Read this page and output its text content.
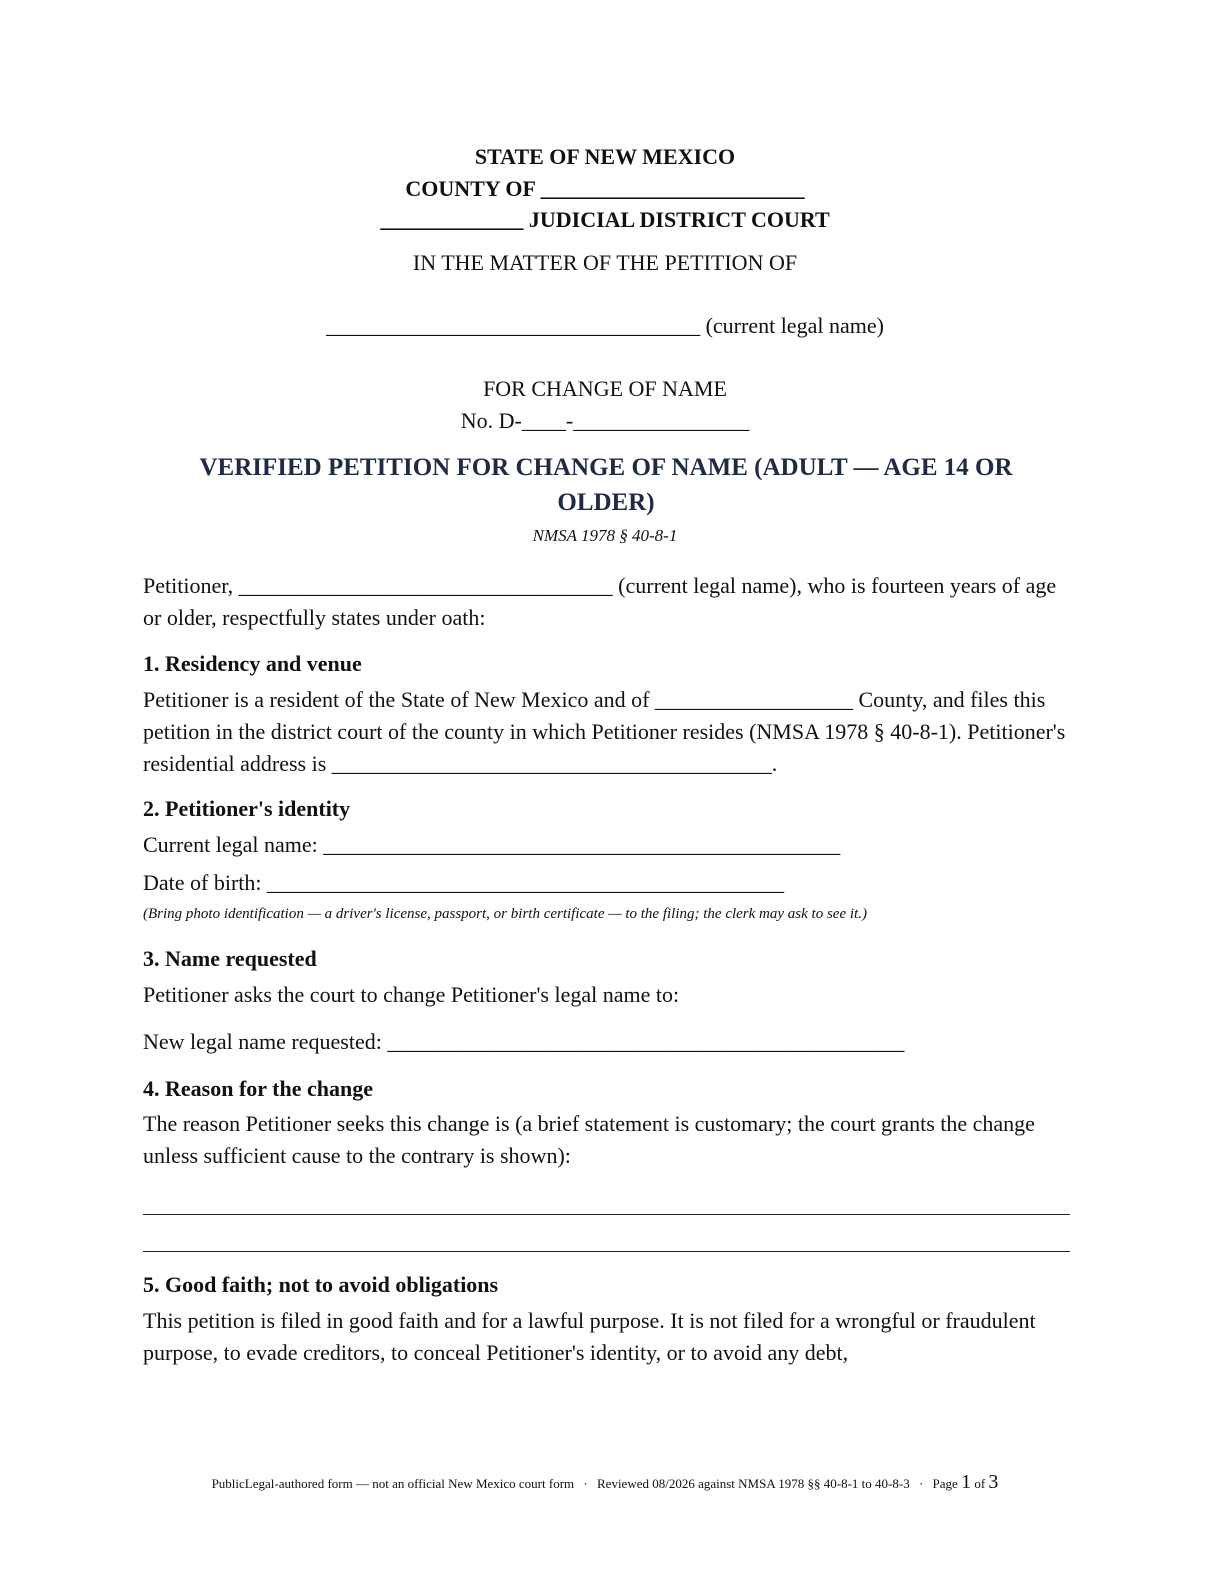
STATE OF NEW MEXICO
COUNTY OF ________________________
_____________ JUDICIAL DISTRICT COURT
IN THE MATTER OF THE PETITION OF
__________________________________ (current legal name)
FOR CHANGE OF NAME
No. D-____-________________
VERIFIED PETITION FOR CHANGE OF NAME (ADULT — AGE 14 OR OLDER)
NMSA 1978 § 40-8-1
Petitioner, __________________________________ (current legal name), who is fourteen years of age or older, respectfully states under oath:
1. Residency and venue
Petitioner is a resident of the State of New Mexico and of __________________ County, and files this petition in the district court of the county in which Petitioner resides (NMSA 1978 § 40-8-1). Petitioner's residential address is ________________________________________.
2. Petitioner's identity
Current legal name: _______________________________________________
Date of birth: _______________________________________________
(Bring photo identification — a driver's license, passport, or birth certificate — to the filing; the clerk may ask to see it.)
3. Name requested
Petitioner asks the court to change Petitioner's legal name to:
New legal name requested: _______________________________________________
4. Reason for the change
The reason Petitioner seeks this change is (a brief statement is customary; the court grants the change unless sufficient cause to the contrary is shown):
5. Good faith; not to avoid obligations
This petition is filed in good faith and for a lawful purpose. It is not filed for a wrongful or fraudulent purpose, to evade creditors, to conceal Petitioner's identity, or to avoid any debt,
PublicLegal-authored form — not an official New Mexico court form · Reviewed 08/2026 against NMSA 1978 §§ 40-8-1 to 40-8-3 · Page 1 of 3
